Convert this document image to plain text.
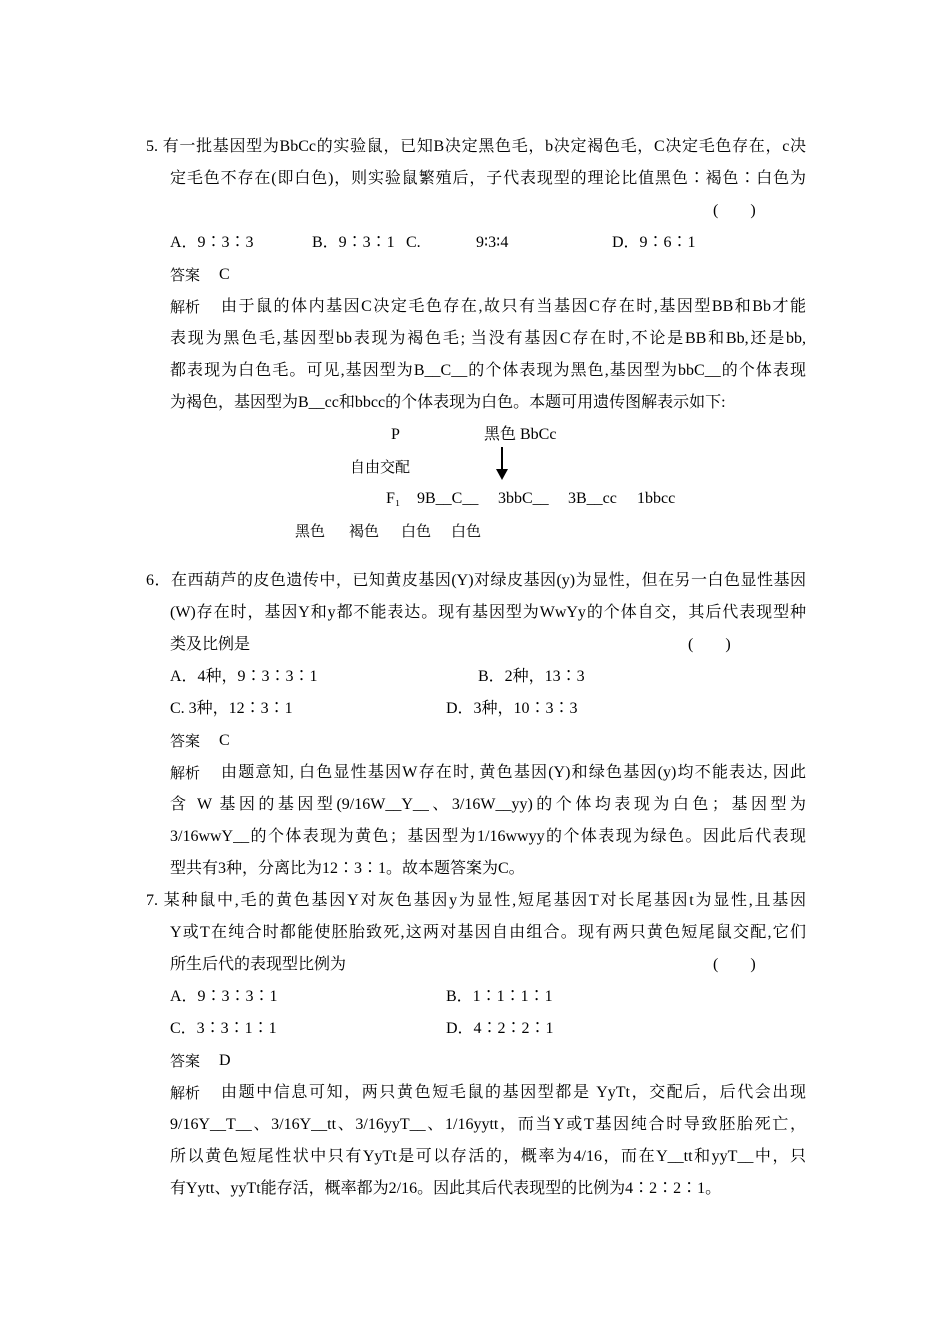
5. 有一批基因型为BbCc的实验鼠，已知B决定黑色毛，b决定褐色毛，C决定毛色存在，c决
定毛色不存在(即白色)，则实验鼠繁殖后，子代表现型的理论比值黑色∶褐色∶白色为
(　　)
A．9∶3∶3	B．9∶3∶1 C.	9∶3∶4	D．9∶6∶1
答案 C
解析 由于鼠的体内基因C决定毛色存在,故只有当基因C存在时,基因型BB和Bb才能
表现为黑色毛,基因型bb表现为褐色毛; 当没有基因C存在时,不论是BB和Bb,还是bb,
都表现为白色毛。可见,基因型为B__C__的个体表现为黑色,基因型为bbC__的个体表现
为褐色，基因型为B__cc和bbcc的个体表现为白色。本题可用遗传图解表示如下:
P	黑色 BbCc
自由交配
F₁ 9B__C__ 3bbC__ 3B__cc 1bbcc
黑色 褐色 白色 白色
6．在西葫芦的皮色遗传中，已知黄皮基因(Y)对绿皮基因(y)为显性，但在另一白色显性基因
(W)存在时，基因Y和y都不能表达。现有基因型为WwYy的个体自交，其后代表现型种
类及比例是	(　　)
A．4种，9∶3∶3∶1	B．2种，13∶3
C. 3种，12∶3∶1	D．3种，10∶3∶3
答案 C
解析 由题意知, 白色显性基因W存在时, 黄色基因(Y)和绿色基因(y)均不能表达, 因此
含 W 基因的基因型(9/16W__Y__、3/16W__yy)的个体均表现为白色；基因型为
3/16wwY__的个体表现为黄色；基因型为1/16wwyy的个体表现为绿色。因此后代表现
型共有3种，分离比为12∶3∶1。故本题答案为C。
7. 某种鼠中,毛的黄色基因Y对灰色基因y为显性,短尾基因T对长尾基因t为显性,且基因
Y或T在纯合时都能使胚胎致死,这两对基因自由组合。现有两只黄色短尾鼠交配,它们
所生后代的表现型比例为	(　　)
A．9∶3∶3∶1	B．1∶1∶1∶1
C．3∶3∶1∶1	D．4∶2∶2∶1
答案 D
解析 由题中信息可知，两只黄色短毛鼠的基因型都是 YyTt，交配后，后代会出现
9/16Y__T__、3/16Y__tt、3/16yyT__、1/16yytt，而当Y或T基因纯合时导致胚胎死亡，
所以黄色短尾性状中只有YyTt是可以存活的，概率为4/16，而在Y__tt和yyT__中，只
有Yytt、yyTt能存活，概率都为2/16。因此其后代表现型的比例为4∶2∶2∶1。
